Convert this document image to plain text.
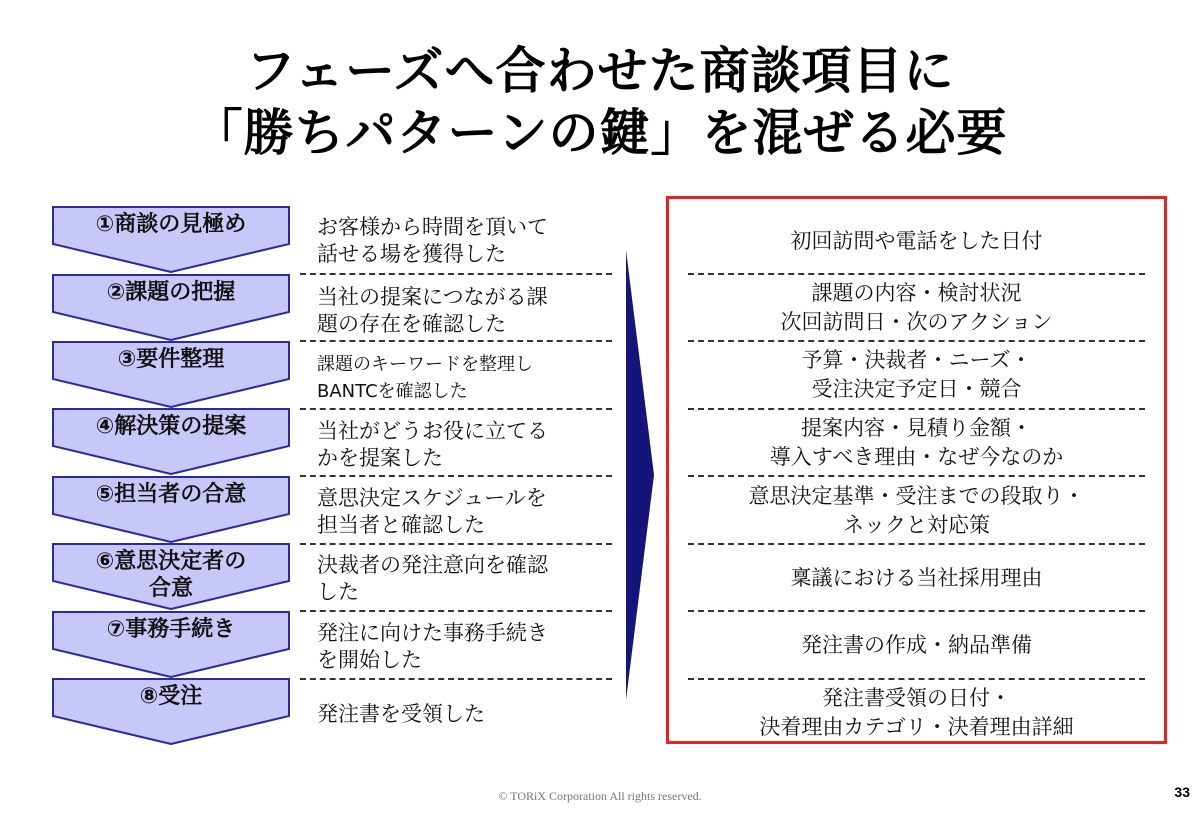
フェーズへ合わせた商談項目に
「勝ちパターンの鍵」を混ぜる必要
①商談の見極め
②課題の把握
③要件整理
④解決策の提案
⑤担当者の合意
⑥意思決定者の
合意
⑦事務手続き
⑧受注
お客様から時間を頂いて
話せる場を獲得した
当社の提案につながる課
題の存在を確認した
課題のキーワードを整理し
BANTCを確認した
当社がどうお役に立てる
かを提案した
意思決定スケジュールを
担当者と確認した
決裁者の発注意向を確認
した
発注に向けた事務手続き
を開始した
発注書を受領した
初回訪問や電話をした日付
課題の内容・検討状況
次回訪問日・次のアクション
予算・決裁者・ニーズ・
受注決定予定日・競合
提案内容・見積り金額・
導入すべき理由・なぜ今なのか
意思決定基準・受注までの段取り・
ネックと対応策
稟議における当社採用理由
発注書の作成・納品準備
発注書受領の日付・
決着理由カテゴリ・決着理由詳細
© TORiX Corporation All rights reserved.	33
